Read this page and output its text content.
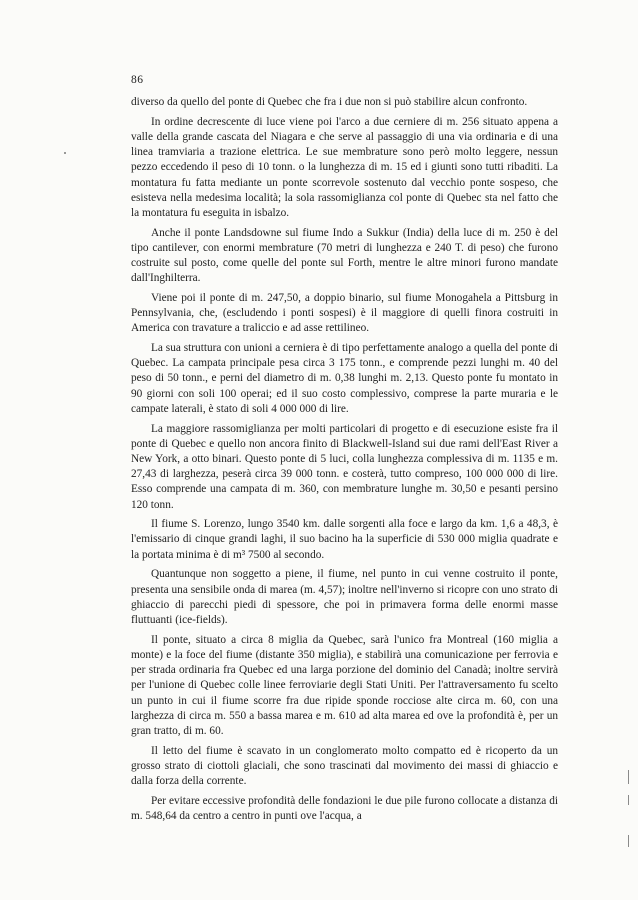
86

diverso da quello del ponte di Quebec che fra i due non si può stabilire alcun confronto.

In ordine decrescente di luce viene poi l'arco a due cerniere di m. 256 situato appena a valle della grande cascata del Niagara e che serve al passaggio di una via ordinaria e di una linea tramviaria a trazione elettrica. Le sue membrature sono però molto leggere, nessun pezzo eccedendo il peso di 10 tonn. o la lunghezza di m. 15 ed i giunti sono tutti ribaditi. La montatura fu fatta mediante un ponte scorrevole sostenuto dal vecchio ponte sospeso, che esisteva nella medesima località; la sola rassomiglianza col ponte di Quebec sta nel fatto che la montatura fu eseguita in isbalzo.

Anche il ponte Landsdowne sul fiume Indo a Sukkur (India) della luce di m. 250 è del tipo cantilever, con enormi membrature (70 metri di lunghezza e 240 T. di peso) che furono costruite sul posto, come quelle del ponte sul Forth, mentre le altre minori furono mandate dall'Inghilterra.

Viene poi il ponte di m. 247,50, a doppio binario, sul fiume Monogahela a Pittsburg in Pennsylvania, che, (escludendo i ponti sospesi) è il maggiore di quelli finora costruiti in America con travature a traliccio e ad asse rettilineo.

La sua struttura con unioni a cerniera è di tipo perfettamente analogo a quella del ponte di Quebec. La campata principale pesa circa 3 175 tonn., e comprende pezzi lunghi m. 40 del peso di 50 tonn., e perni del diametro di m. 0,38 lunghi m. 2,13. Questo ponte fu montato in 90 giorni con soli 100 operai; ed il suo costo complessivo, comprese la parte muraria e le campate laterali, è stato di soli 4 000 000 di lire.

La maggiore rassomiglianza per molti particolari di progetto e di esecuzione esiste fra il ponte di Quebec e quello non ancora finito di Blackwell-Island sui due rami dell'East River a New York, a otto binari. Questo ponte di 5 luci, colla lunghezza complessiva di m. 1135 e m. 27,43 di larghezza, peserà circa 39 000 tonn. e costerà, tutto compreso, 100 000 000 di lire. Esso comprende una campata di m. 360, con membrature lunghe m. 30,50 e pesanti persino 120 tonn.

Il fiume S. Lorenzo, lungo 3540 km. dalle sorgenti alla foce e largo da km. 1,6 a 48,3, è l'emissario di cinque grandi laghi, il suo bacino ha la superficie di 530 000 miglia quadrate e la portata minima è di m³ 7500 al secondo.

Quantunque non soggetto a piene, il fiume, nel punto in cui venne costruito il ponte, presenta una sensibile onda di marea (m. 4,57); inoltre nell'inverno si ricopre con uno strato di ghiaccio di parecchi piedi di spessore, che poi in primavera forma delle enormi masse fluttuanti (ice-fields).

Il ponte, situato a circa 8 miglia da Quebec, sarà l'unico fra Montreal (160 miglia a monte) e la foce del fiume (distante 350 miglia), e stabilirà una comunicazione per ferrovia e per strada ordinaria fra Quebec ed una larga porzione del dominio del Canadà; inoltre servirà per l'unione di Quebec colle linee ferroviarie degli Stati Uniti. Per l'attraversamento fu scelto un punto in cui il fiume scorre fra due ripide sponde rocciose alte circa m. 60, con una larghezza di circa m. 550 a bassa marea e m. 610 ad alta marea ed ove la profondità è, per un gran tratto, di m. 60.

Il letto del fiume è scavato in un conglomerato molto compatto ed è ricoperto da un grosso strato di ciottoli glaciali, che sono trascinati dal movimento dei massi di ghiaccio e dalla forza della corrente.

Per evitare eccessive profondità delle fondazioni le due pile furono collocate a distanza di m. 548,64 da centro a centro in punti ove l'acqua, a
